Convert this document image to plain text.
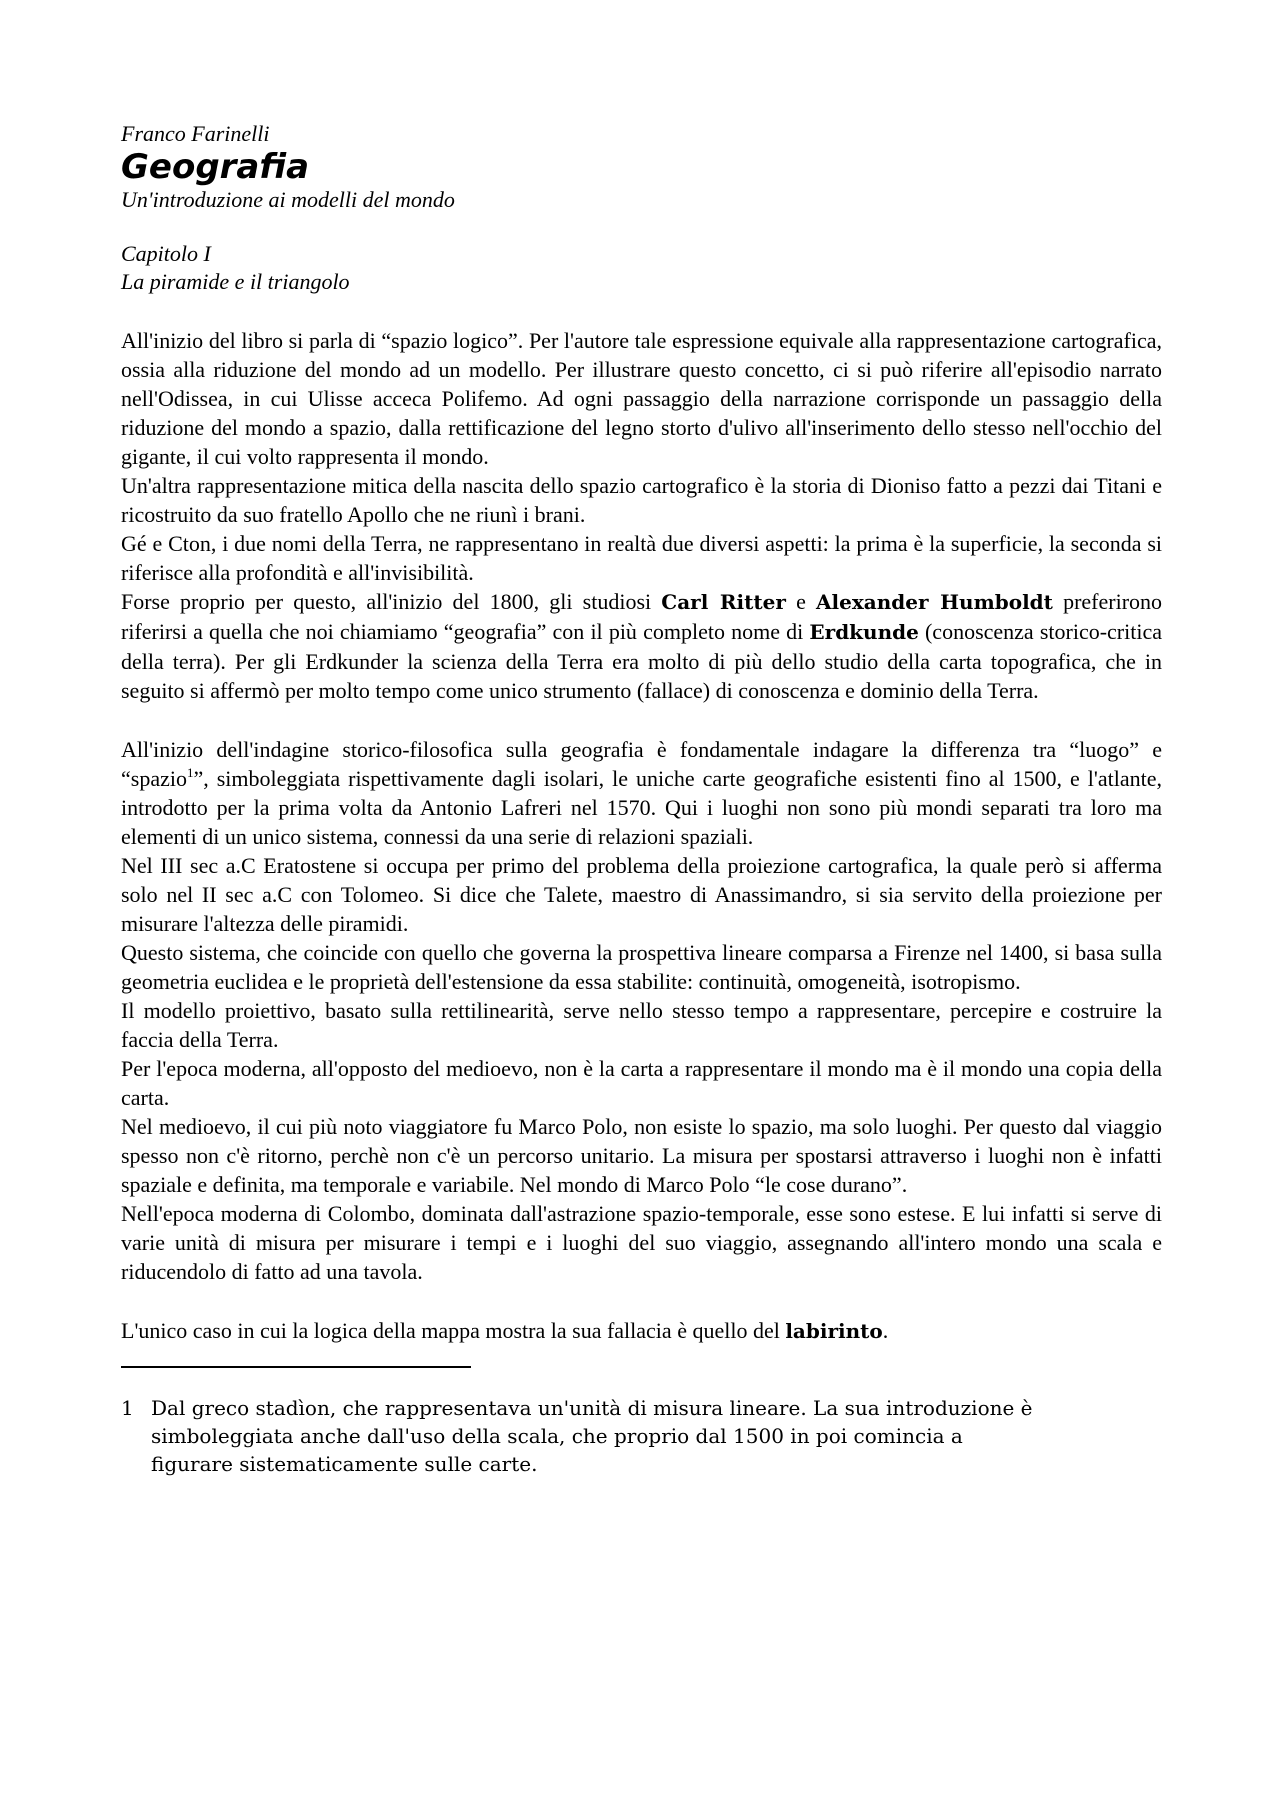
Franco Farinelli

Geografia

Un'introduzione ai modelli del mondo

Capitolo I

La piramide e il triangolo

All'inizio del libro si parla di “spazio logico”. Per l'autore tale espressione equivale alla rappresentazione cartografica, ossia alla riduzione del mondo ad un modello. Per illustrare questo concetto, ci si può riferire all'episodio narrato nell'Odissea, in cui Ulisse acceca Polifemo. Ad ogni passaggio della narrazione corrisponde un passaggio della riduzione del mondo a spazio, dalla rettificazione del legno storto d'ulivo all'inserimento dello stesso nell'occhio del gigante, il cui volto rappresenta il mondo.

Un'altra rappresentazione mitica della nascita dello spazio cartografico è la storia di Dioniso fatto a pezzi dai Titani e ricostruito da suo fratello Apollo che ne riunì i brani.

Gé e Cton, i due nomi della Terra, ne rappresentano in realtà due diversi aspetti: la prima è la superficie, la seconda si riferisce alla profondità e all'invisibilità.

Forse proprio per questo, all'inizio del 1800, gli studiosi Carl Ritter e Alexander Humboldt preferirono riferirsi a quella che noi chiamiamo “geografia” con il più completo nome di Erdkunde (conoscenza storico-critica della terra). Per gli Erdkunder la scienza della Terra era molto di più dello studio della carta topografica, che in seguito si affermò per molto tempo come unico strumento (fallace) di conoscenza e dominio della Terra.

All'inizio dell'indagine storico-filosofica sulla geografia è fondamentale indagare la differenza tra “luogo” e “spazio$^1$”, simboleggiata rispettivamente dagli isolari, le uniche carte geografiche esistenti fino al 1500, e l'atlante, introdotto per la prima volta da Antonio Lafreri nel 1570. Qui i luoghi non sono più mondi separati tra loro ma elementi di un unico sistema, connessi da una serie di relazioni spaziali.

Nel III sec a.C Eratostene si occupa per primo del problema della proiezione cartografica, la quale però si afferma solo nel II sec a.C con Tolomeo. Si dice che Talete, maestro di Anassimandro, si sia servito della proiezione per misurare l'altezza delle piramidi.

Questo sistema, che coincide con quello che governa la prospettiva lineare comparsa a Firenze nel 1400, si basa sulla geometria euclidea e le proprietà dell'estensione da essa stabilite: continuità, omogeneità, isotropismo.

Il modello proiettivo, basato sulla rettilinearità, serve nello stesso tempo a rappresentare, percepire e costruire la faccia della Terra.

Per l'epoca moderna, all'opposto del medioevo, non è la carta a rappresentare il mondo ma è il mondo una copia della carta.

Nel medioevo, il cui più noto viaggiatore fu Marco Polo, non esiste lo spazio, ma solo luoghi. Per questo dal viaggio spesso non c'è ritorno, perchè non c'è un percorso unitario. La misura per spostarsi attraverso i luoghi non è infatti spaziale e definita, ma temporale e variabile. Nel mondo di Marco Polo “le cose durano”.

Nell'epoca moderna di Colombo, dominata dall'astrazione spazio-temporale, esse sono estese. E lui infatti si serve di varie unità di misura per misurare i tempi e i luoghi del suo viaggio, assegnando all'intero mondo una scala e riducendolo di fatto ad una tavola.

L'unico caso in cui la logica della mappa mostra la sua fallacia è quello del labirinto.

1 Dal greco stadìon, che rappresentava un'unità di misura lineare. La sua introduzione è simboleggiata anche dall'uso della scala, che proprio dal 1500 in poi comincia a figurare sistematicamente sulle carte.
